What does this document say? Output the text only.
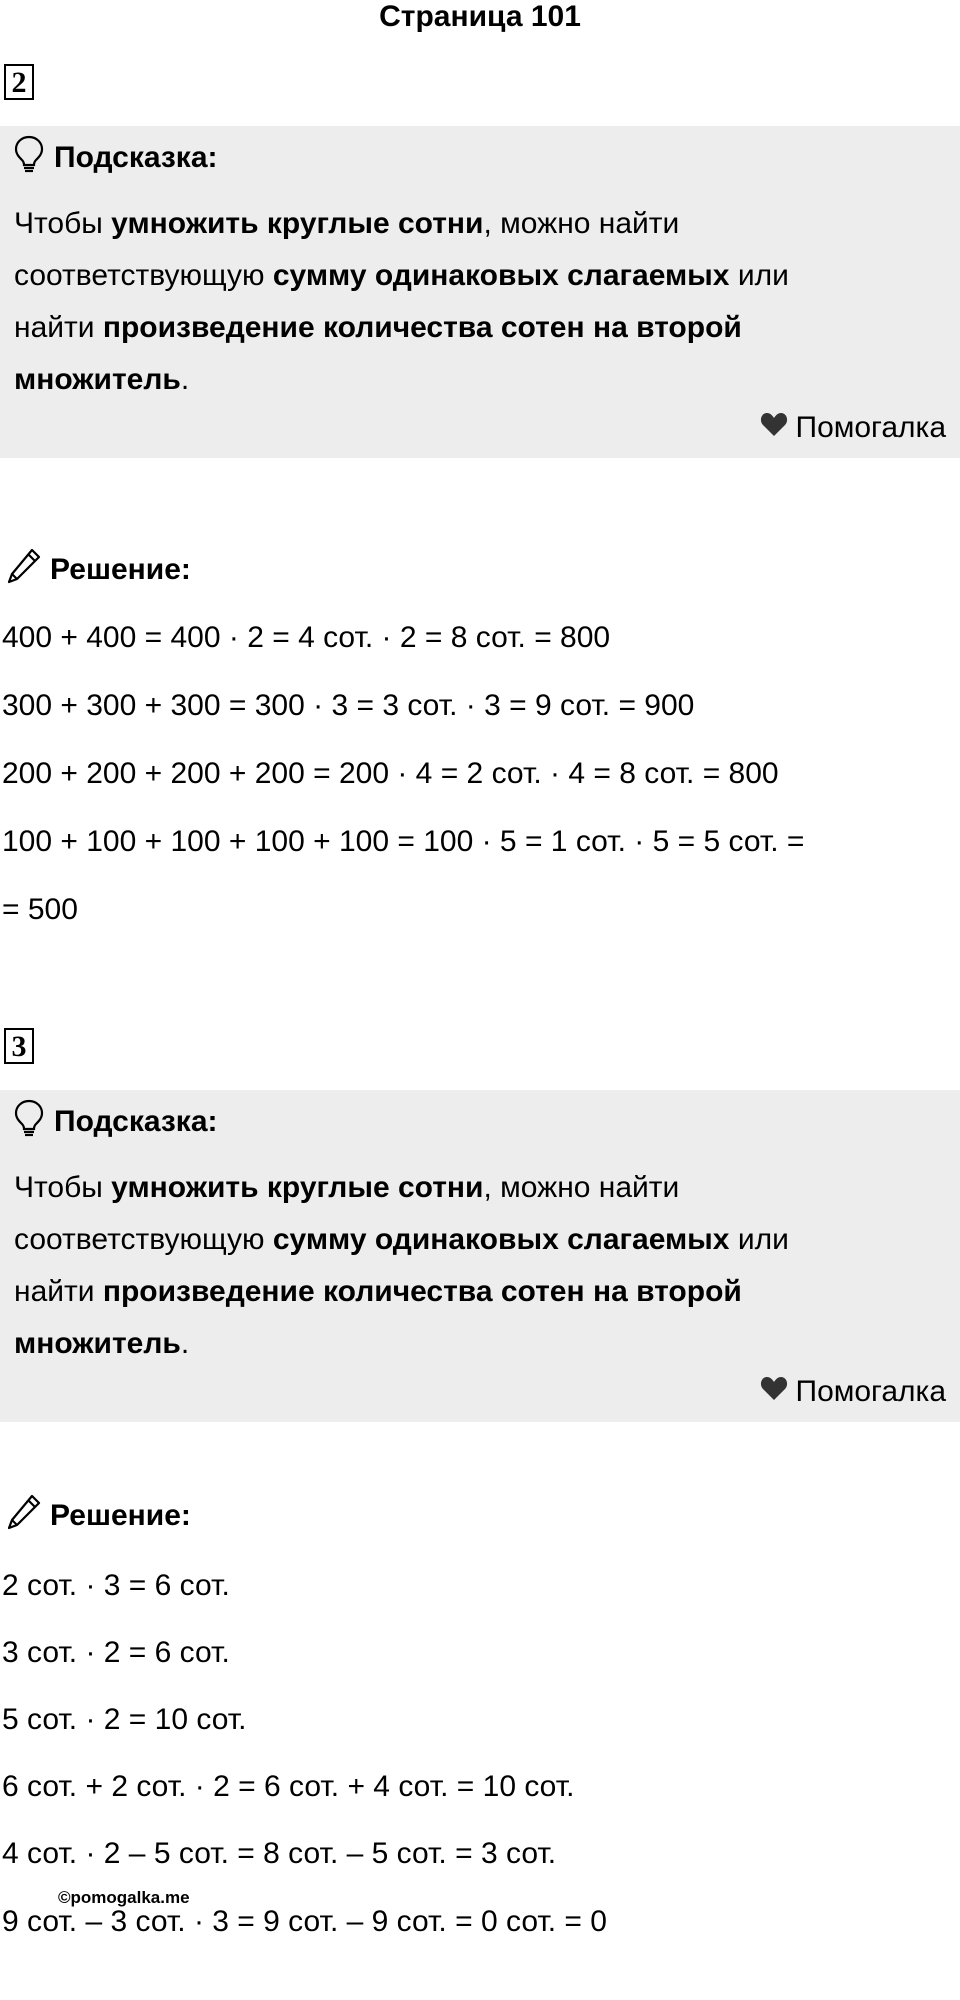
Страница 101
2
Подсказка:
Чтобы умножить круглые сотни, можно найти
соответствующую сумму одинаковых слагаемых или
найти произведение количества сотен на второй
множитель.
Помогалка
Решение:
400 + 400 = 400 · 2 = 4 сот. · 2 = 8 сот. = 800
300 + 300 + 300 = 300 · 3 = 3 сот. · 3 = 9 сот. = 900
200 + 200 + 200 + 200 = 200 · 4 = 2 сот. · 4 = 8 сот. = 800
100 + 100 + 100 + 100 + 100 = 100 · 5 = 1 сот. · 5 = 5 сот. =
= 500
3
Подсказка:
Чтобы умножить круглые сотни, можно найти
соответствующую сумму одинаковых слагаемых или
найти произведение количества сотен на второй
множитель.
Помогалка
Решение:
2 сот. · 3 = 6 сот.
3 сот. · 2 = 6 сот.
5 сот. · 2 = 10 сот.
6 сот. + 2 сот. · 2 = 6 сот. + 4 сот. = 10 сот.
4 сот. · 2 – 5 сот. = 8 сот. – 5 сот. = 3 сот.
9 сот. – 3 сот. · 3 = 9 сот. – 9 сот. = 0 сот. = 0
©pomogalka.me
